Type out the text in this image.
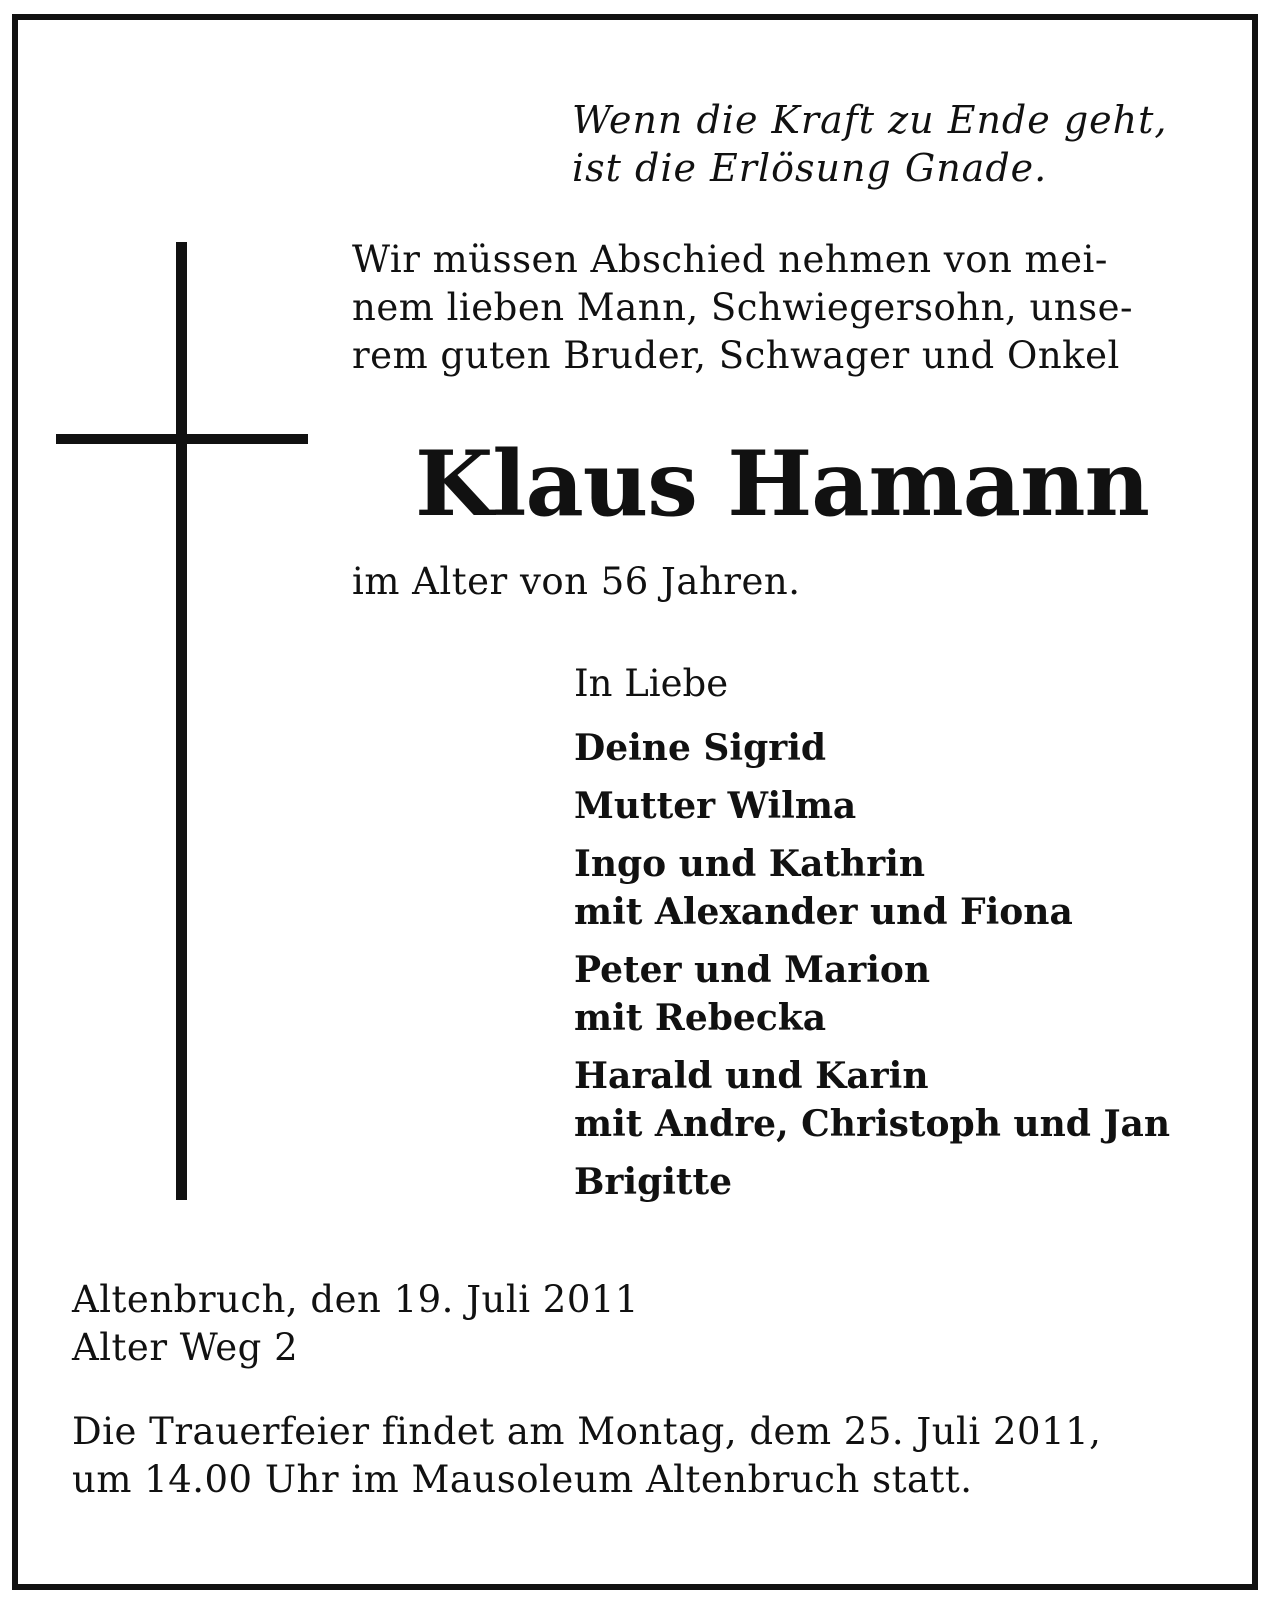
Wenn die Kraft zu Ende geht,
ist die Erlösung Gnade.
Wir müssen Abschied nehmen von mei-
nem lieben Mann, Schwiegersohn, unse-
rem guten Bruder, Schwager und Onkel
Klaus Hamann
im Alter von 56 Jahren.
In Liebe
Deine Sigrid
Mutter Wilma
Ingo und Kathrin
mit Alexander und Fiona
Peter und Marion
mit Rebecka
Harald und Karin
mit Andre, Christoph und Jan
Brigitte
Altenbruch, den 19. Juli 2011
Alter Weg 2
Die Trauerfeier findet am Montag, dem 25. Juli 2011,
um 14.00 Uhr im Mausoleum Altenbruch statt.
